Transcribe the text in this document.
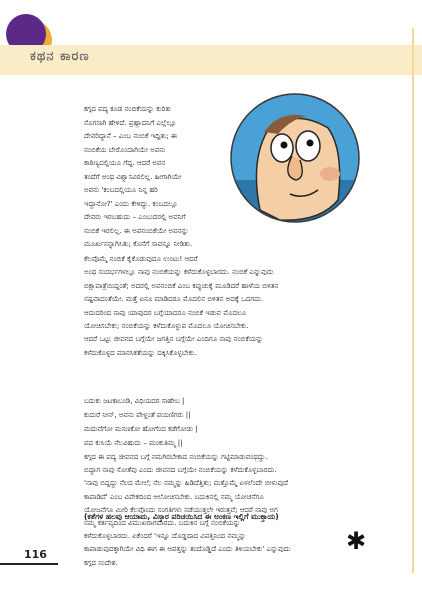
ಕಥನ ಕಾರಣ
ಕಗ್ಗದ ಪದ್ಯ ಕೂಡ ನಂಬಿಕೆಯನ್ನು ಕುರಿತು
ಸೊಗಸಾಗಿ ಹೇಳಿದೆ. ಪ್ರಹ್ಲಾದನಿಗೆ ಎಲ್ಲೆಲ್ಲೂ
ದೇವರಿದ್ದಾನೆ – ಎಂಬ ನಂಬಿಕೆ ಇದ್ದಿತು; ಈ
ನಂಬಿಕೆಯ ಬೇರೊಂದಾಗಿಯೇ ಅವನು
ಕಾಠಿಣ್ಯದಲ್ಲಿಯೂ ಗೆದ್ದ. ಆದರೆ ಅವನ
ತಂದೆಗೆ ಅಂಥ ವಿಶ್ವಾಸವಿರಲಿಲ್ಲ. ಹೀಗಾಗಿಯೇ
ಅವನು 'ಕಂಬದಲ್ಲಿಯೂ ನಿನ್ನ ಹರಿ
ಇದ್ದಾನೋ?' ಎಂದು ಕೇಳಿದ್ದು. ಕಂಬದಲ್ಲೂ
ದೇವರು ಇರಬಹುದು – ಎಂಬುದರಲ್ಲಿ ಅವನಿಗೆ
ನಂಬಿಕೆ ಇರಲಿಲ್ಲ. ಈ ಅಪನಂಬಿಕೆಯೇ ಅವನನ್ನು
ಮೂರ್ಖನನ್ನಾಗಿಸಿತು; ಕೊನೆಗೆ ಸಾವನ್ನೂ ನೀಡಿತು.
ಕೆಲವೊಮ್ಮೆ ನಂಬಿಕೆ ಕೈಕೊಡುವುದೂ ಉಂಟು! ಆದರೆ
ಅಂಥ ಸಂದರ್ಭಗಳಲ್ಲೂ ನಾವು ನಂಬಿಕೆಯನ್ನು ಕಳೆದುಕೊಳ್ಳಬಾರದು. ನಂಬಿಕೆ ಎನ್ನುವುದು
ಬಿಕ್ಷಾಪಾತ್ರೆಯಿದ್ದಂತೆ; ಅದರಲ್ಲಿ ಅಪನಂಬಿಕೆ ಎಂಬ ಕಪ್ಪುಚುಕ್ಕೆ ಮೂಡಿದರೆ ಹಾಳೆಯ ಬಿಳಿತನ
ನಷ್ಟವಾದಂತೆಯೇ. ಮತ್ತೆ ಏನೂ ಮಾಡಿದರೂ ಮೊದಲಿನ ಬಿಳಿತನ ಅದಕ್ಕೆ ಒದಗದು.
ಆದುದರಿಂದ ನಾವು ಯಾವುದರ ಬಗ್ಗೆಯಾದರೂ ನಂಬಿಕೆ ಇಡುವ ಮೊದಲೂ
ಯೋಚಿಸಬೇಕು; ನಂಬಿಕೆಯನ್ನು ಕಳೆದುಕೊಳ್ಳುವ ಮೊದಲೂ ಯೋಚಿಸಬೇಕು.
ಆದರೆ ಒಟ್ಟು ಜೀವನದ ಬಗ್ಗೆಯೇ ಜಗತ್ತಿನ ಬಗ್ಗೆಯೇ ಎಂದಿಗೂ ನಾವು ನಂಬಿಕೆಯನ್ನು
ಕಳೆದುಕೊಳ್ಳದ ಮಾನಸಿಕತೆಯನ್ನು ದಕ್ಕಿಸಿಕೊಳ್ಳಬೇಕು.
ಬದುಕು ಜಟಕಾಬಂಡಿ, ವಿಧಿಯದರ ಸಾಹೇಬ |
ಕುದುರೆ ನೀನ್, ಅವನು ಪೇಳ್ದಂತೆ ಪಯಣಿಗರು ||
ಮದುವೆಗೋ ಮಸಣಕೋ ಹೋಗೆಂದ ಕಡೆಗೋಡು |
ಪದ ಕುಸಿಯೆ ನೆಲವಿಹುದು – ಮಂಕುತಿಮ್ಮ ||
ಕಗ್ಗದ ಈ ಪದ್ಯ ಜೀವನದ ಬಗ್ಗೆ ನಮಗಿರಬೇಕಾದ ನಂಬಿಕೆಯನ್ನು ಗಟ್ಟಿಮಾಡುವಂಥದ್ದು.
ಬಿದ್ದಾಗ ನಾವು ಸೋತೆವು ಎಂದು ಜೀವನದ ಬಗ್ಗೆಯೇ ನಂಬಿಕೆಯನ್ನು ಕಳೆದುಕೊಳ್ಳಬಾರದು.
'ನಾವು ಬಿದ್ದದ್ದು ನೆಲದ ಮೇಲೆ; ನೆಲ ನಮ್ಮನ್ನು ಹಿಡಿದೆತ್ತಿತು; ಮತ್ತೊಮ್ಮೆ ಏಳಲೆಂದೇ ಬೀಳುವುದೆ
ಕಾಪಾಡಿದೆ' ಎಂಬ ವಿವೇಕದಿಂದ ಆಲೋಚಿಸಬೇಕು. ಬದುಕಿನಲ್ಲಿ ನಮ್ಮ ಯೋಚನೆಗೂ
ಯೋಜನೆಗೂ ಮೀರಿ ಕೆಲವೊಂದು ಸಂಗತಿಗಳು ನಡೆಯುತ್ತಲೇ ಇರುತ್ತವೆ; ಆದರೆ ನಾವು ಅಗ
ನಮ್ಮ ಕರ್ತವ್ಯದಿಂದ ವಿಮುಖರಾಗಬಾರದು. ಬದುಕಿನ ಬಗ್ಗೆ ನಂಬಿಕೆಯನ್ನು
ಕಳೆದುಕೊಳ್ಳಬಾರದು. ಏಕೆಂದರೆ 'ಇನ್ನೂ ದೊಡ್ಡದಾದ ವಿಪತ್ತಿನಿಂದ ನಮ್ಮನ್ನು
ಕಾಪಾಡುವುದಕ್ಕಾಗಿಯೇ ವಿಧಿ ಈಗ ಈ ಆಪತ್ತನ್ನು ತಂದೊಡ್ಡಿದೆ ಎಂದು ತಿಳಿಯಬೇಕು' ಎನ್ನುವುದು
ಕಗ್ಗದ ಸಂದೇಶ.
(ಕತೆಗಳ ಹಲವು ಆಯಾಮ, ವಿಸ್ತಾರ ಪರಿಚಯಿಸಿದ ಈ ಅಂಕಣ ಇಲ್ಲಿಗೆ ಮುಕ್ತಾಯ)
✱
116
